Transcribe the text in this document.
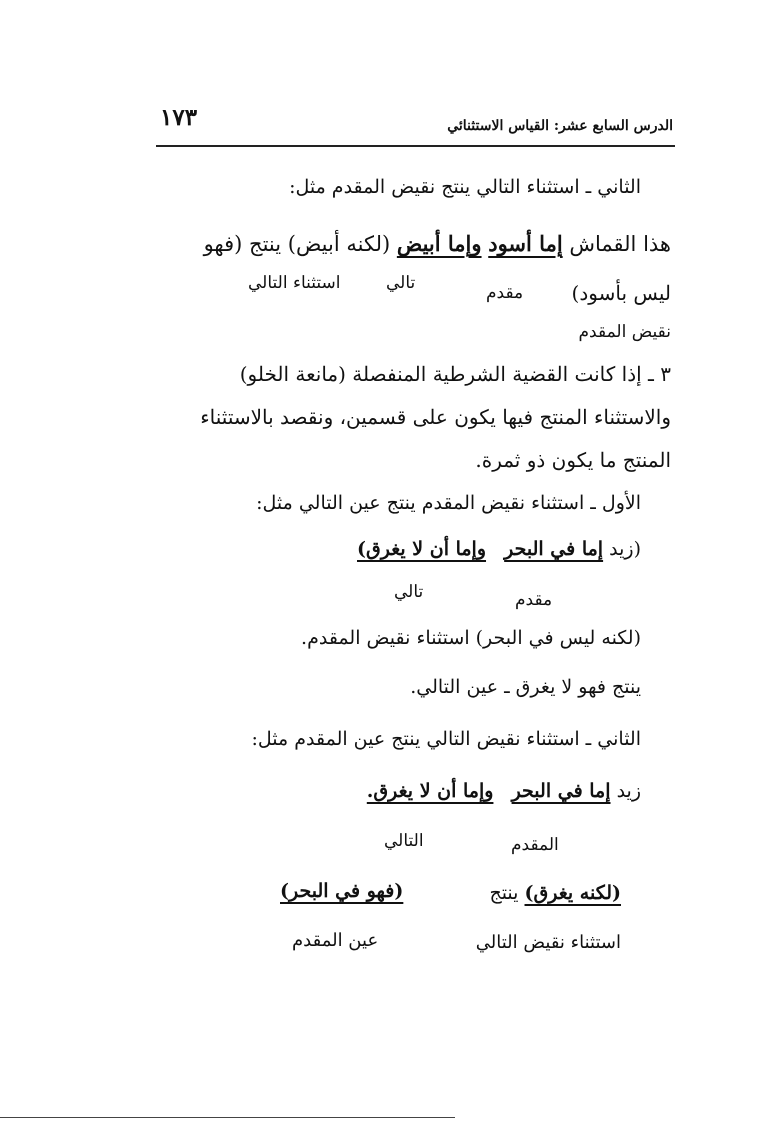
١٧٣	الدرس السابع عشر: القياس الاستثنائي
الثاني ـ استثناء التالي ينتج نقيض المقدم مثل:
هذا القماش إما أسود وإما أبيض (لكنه أبيض) ينتج (فهو
ليس بأسود)
مقدم
تالي
استثناء التالي
نقيض المقدم
٣ ـ إذا كانت القضية الشرطية المنفصلة (مانعة الخلو)
والاستثناء المنتج فيها يكون على قسمين، ونقصد بالاستثناء
المنتج ما يكون ذو ثمرة.
الأول ـ استثناء نقيض المقدم ينتج عين التالي مثل:
(زيد إما في البحر   وإما أن لا يغرق)
مقدم
تالي
(لكنه ليس في البحر) استثناء نقيض المقدم.
ينتج فهو لا يغرق ـ عين التالي.
الثاني ـ استثناء نقيض التالي ينتج عين المقدم مثل:
زيد إما في البحر   وإما أن لا يغرق.
المقدم
التالي
(لكنه يغرق) ينتج
(فهو في البحر)
استثناء نقيض التالي
عين المقدم
